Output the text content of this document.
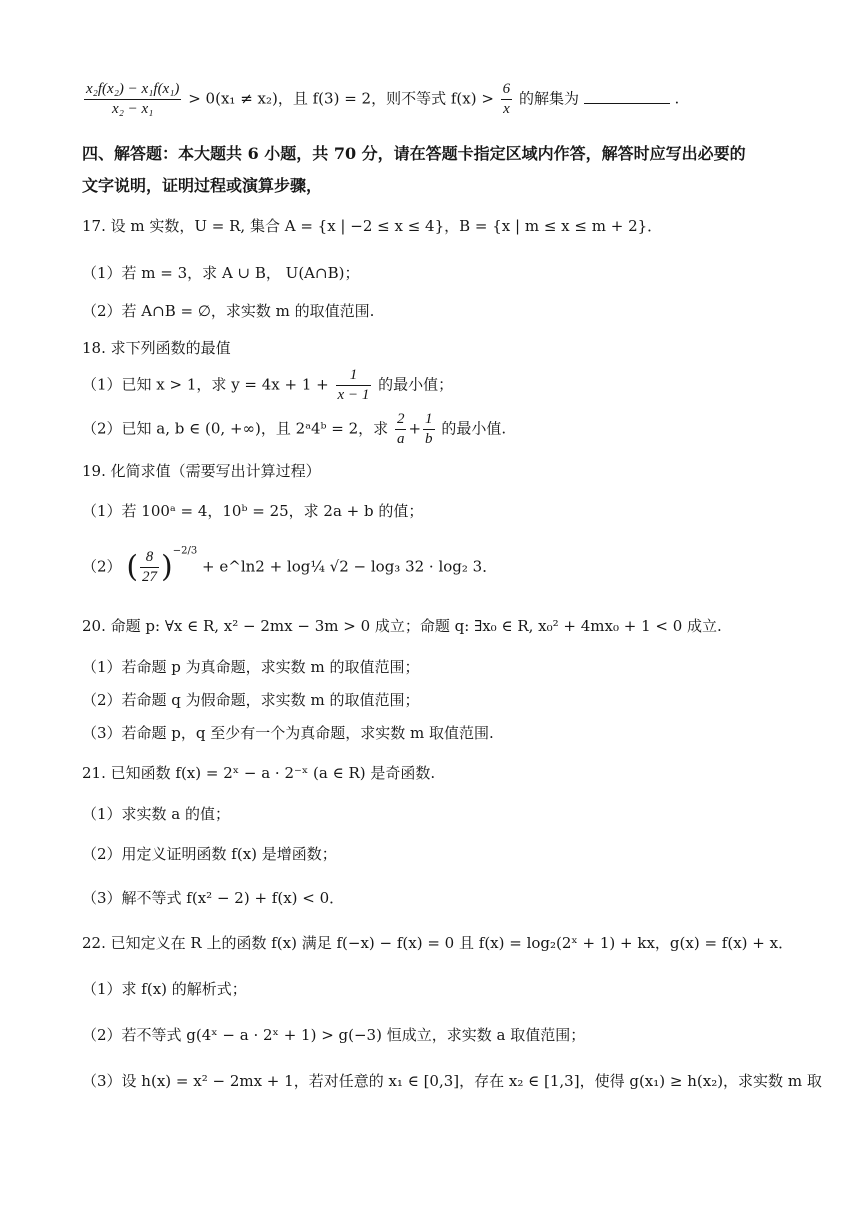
$\frac{\text{x₂f(x₂) − x₁f(x₁)}}{\text{x₂ − x₁}} > 0(x_1 \ne x_2)$，且 f(3) = 2，则不等式 $f(x) > \frac{6}{x}$ 的解集为	.
四、解答题：本大题共 6 小题，共 70 分，请在答题卡指定区域内作答，解答时应写出必要的
文字说明，证明过程或演算步骤，
17. 设 m 实数，U = R, 集合 A = {x | −2 ≤ x ≤ 4}，B = {x | m ≤ x ≤ m + 2}．
（1）若 m = 3，求 A ∪ B， U(A∩B)；
（2）若 A∩B = ∅，求实数 m 的取值范围.
18. 求下列函数的最值
（1）已知 x > 1，求 $y = 4x + 1 + \frac{1}{x - 1}$ 的最小值；
（2）已知 a, b ∈ (0, +∞)，且 2ᵃ4ᵇ = 2，求 $\frac{2}{a} + \frac{1}{b}$ 的最小值.
19. 化简求值（需要写出计算过程）
（1）若 100ᵃ = 4，10ᵇ = 25，求 2a + b 的值；
（2） ( $\frac{8}{27} )^{-2/3}$ + e^ln2 + log¼ √2 − log₃ 32 · log₂ 3．
20. 命题 p: ∀x ∈ R, x² − 2mx − 3m > 0 成立；命题 q: ∃x₀ ∈ R, x₀² + 4mx₀ + 1 < 0 成立.
（1）若命题 p 为真命题，求实数 m 的取值范围；
（2）若命题 q 为假命题，求实数 m 的取值范围；
（3）若命题 p，q 至少有一个为真命题，求实数 m 取值范围.
21. 已知函数 f(x) = 2ˣ − a · 2⁻ˣ (a ∈ R) 是奇函数.
（1）求实数 a 的值；
（2）用定义证明函数 f(x) 是增函数；
（3）解不等式 f(x² − 2) + f(x) < 0．
22. 已知定义在 R 上的函数 f(x) 满足 f(−x) − f(x) = 0 且 f(x) = log₂(2ˣ + 1) + kx，g(x) = f(x) + x．
（1）求 f(x) 的解析式；
（2）若不等式 g(4ˣ − a · 2ˣ + 1) > g(−3) 恒成立，求实数 a 取值范围；
（3）设 h(x) = x² − 2mx + 1，若对任意的 x₁ ∈ [0,3]，存在 x₂ ∈ [1,3]，使得 g(x₁) ≥ h(x₂)，求实数 m 取
